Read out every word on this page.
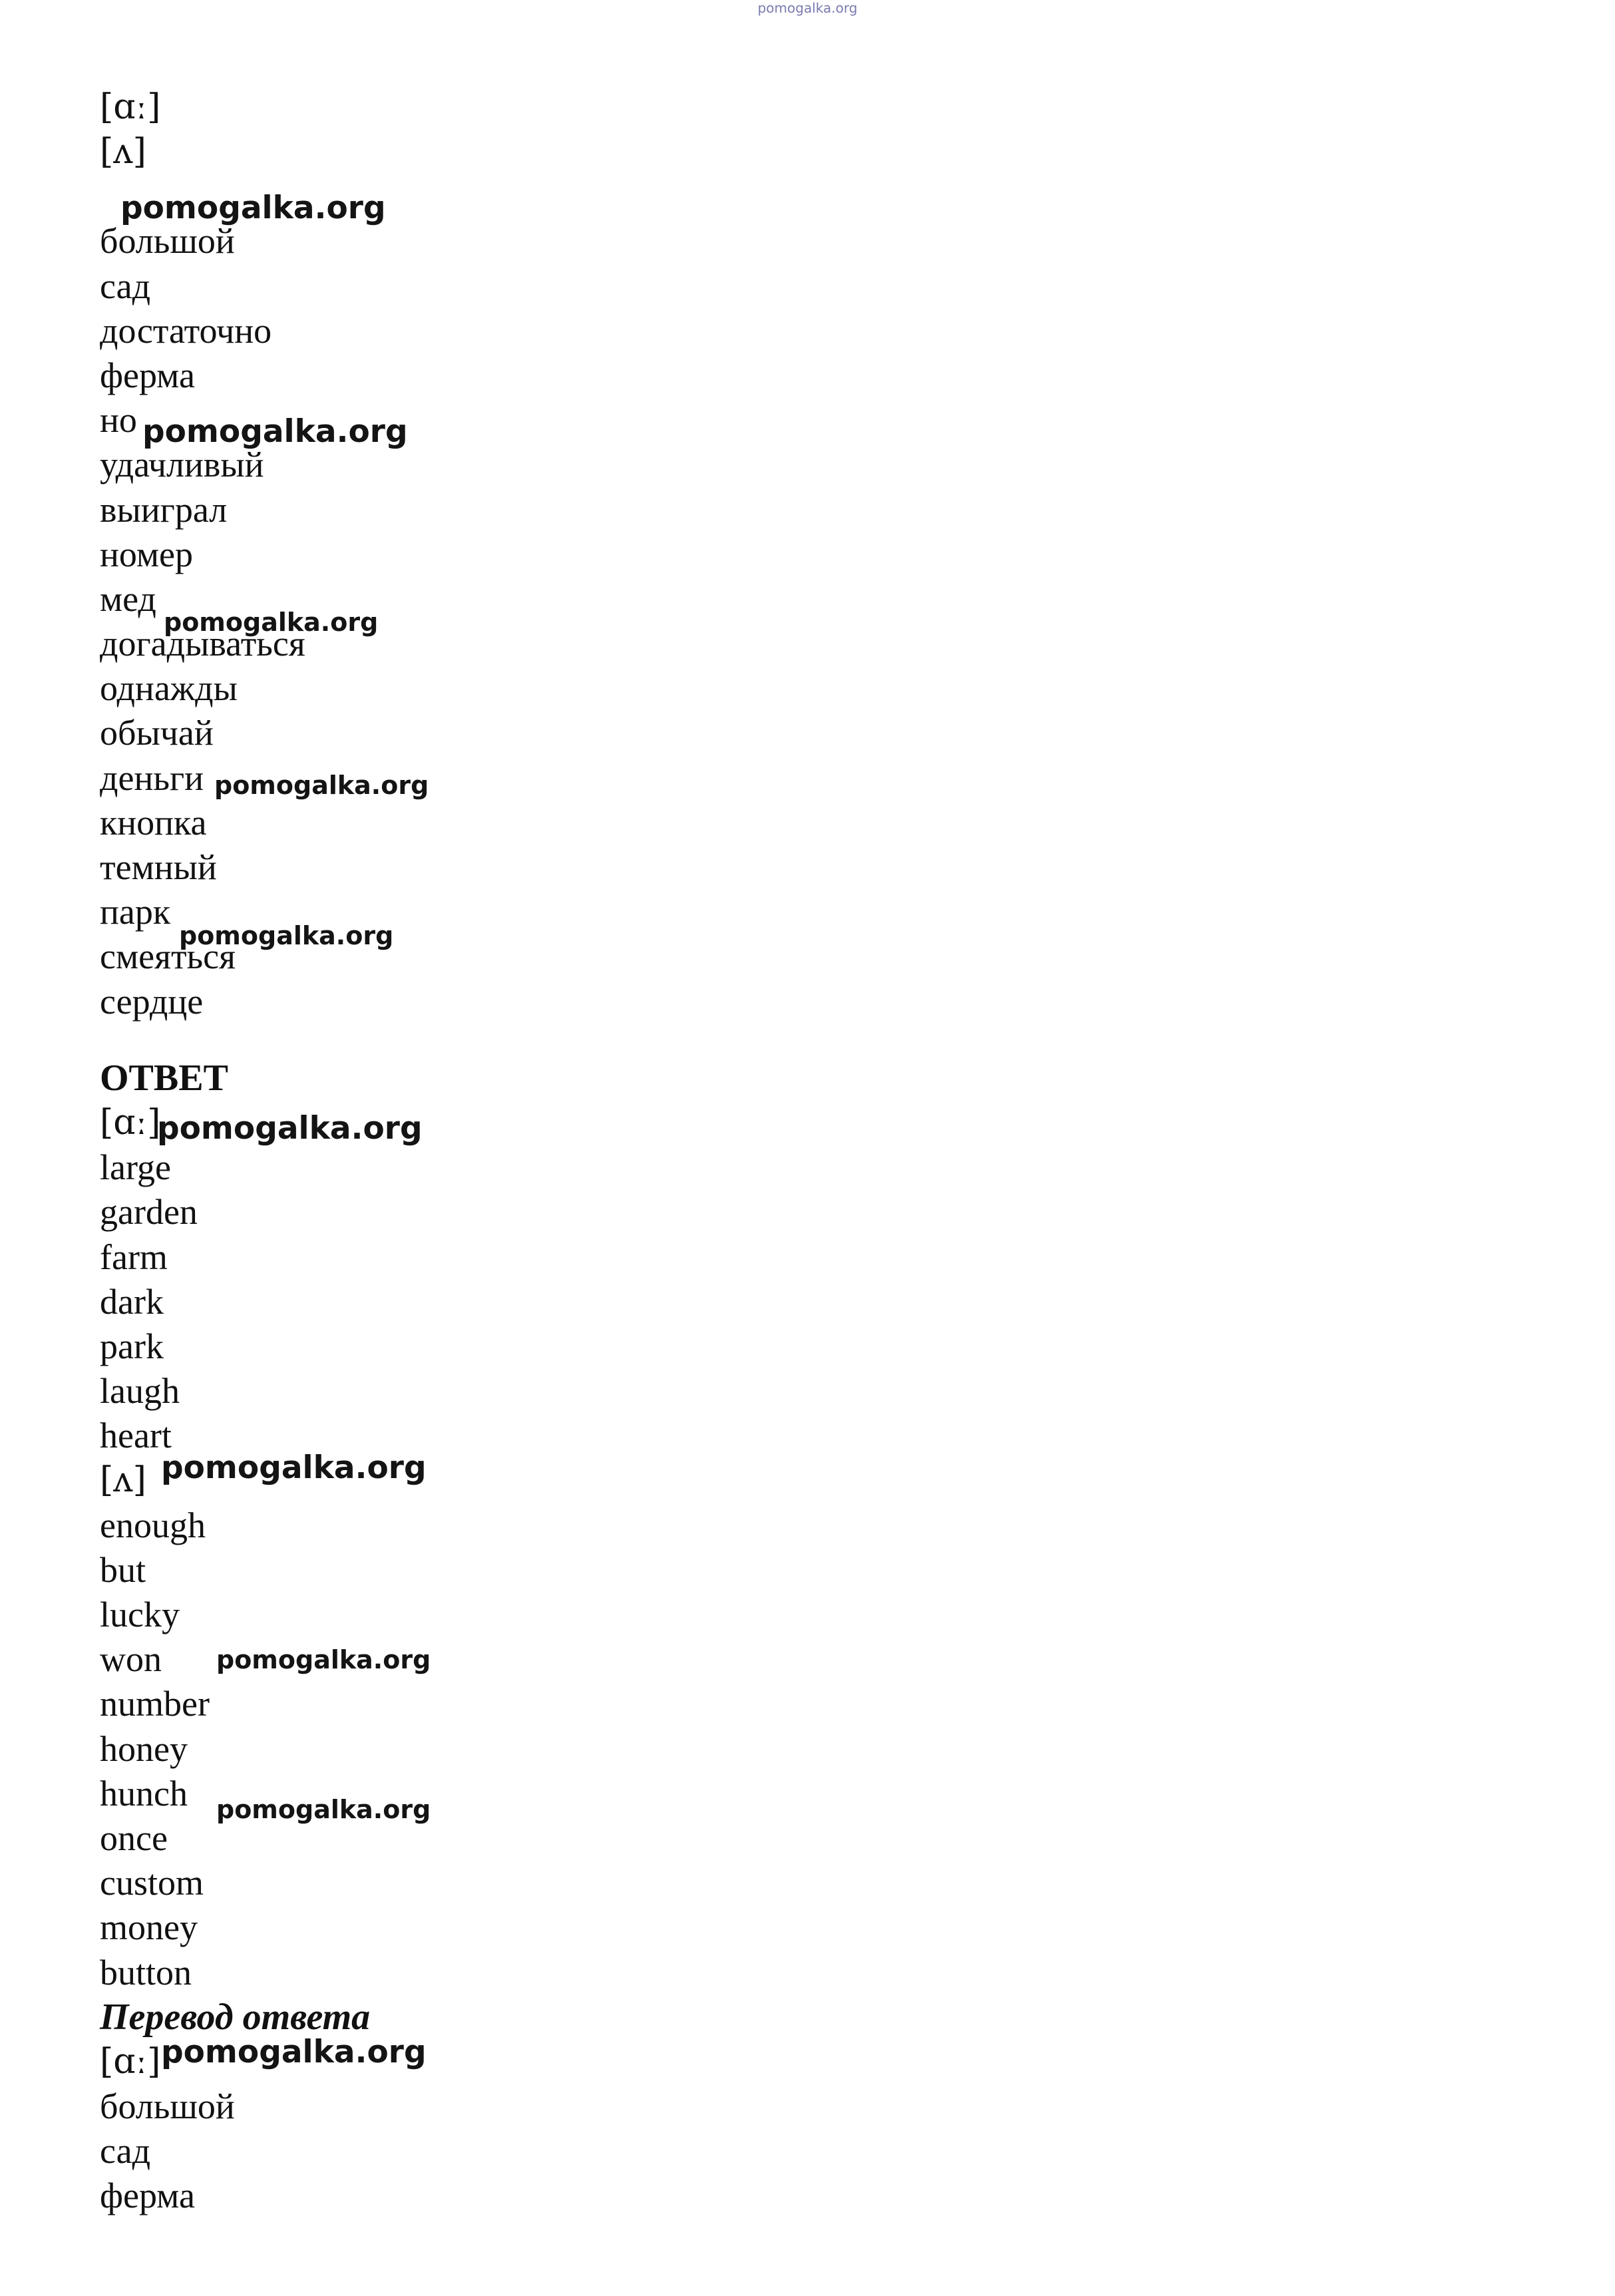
pomogalka.org
[ɑː]
[ʌ]
большой
сад
достаточно
ферма
но
удачливый
выиграл
номер
мед
догадываться
однажды
обычай
деньги
кнопка
темный
парк
смеяться
сердце
ОТВЕТ
[ɑː]
large
garden
farm
dark
park
laugh
heart
[ʌ]
enough
but
lucky
won
number
honey
hunch
once
custom
money
button
Перевод ответа
[ɑː]
большой
сад
ферма
pomogalka.org
pomogalka.org
pomogalka.org
pomogalka.org
pomogalka.org
pomogalka.org
pomogalka.org
pomogalka.org
pomogalka.org
pomogalka.org
